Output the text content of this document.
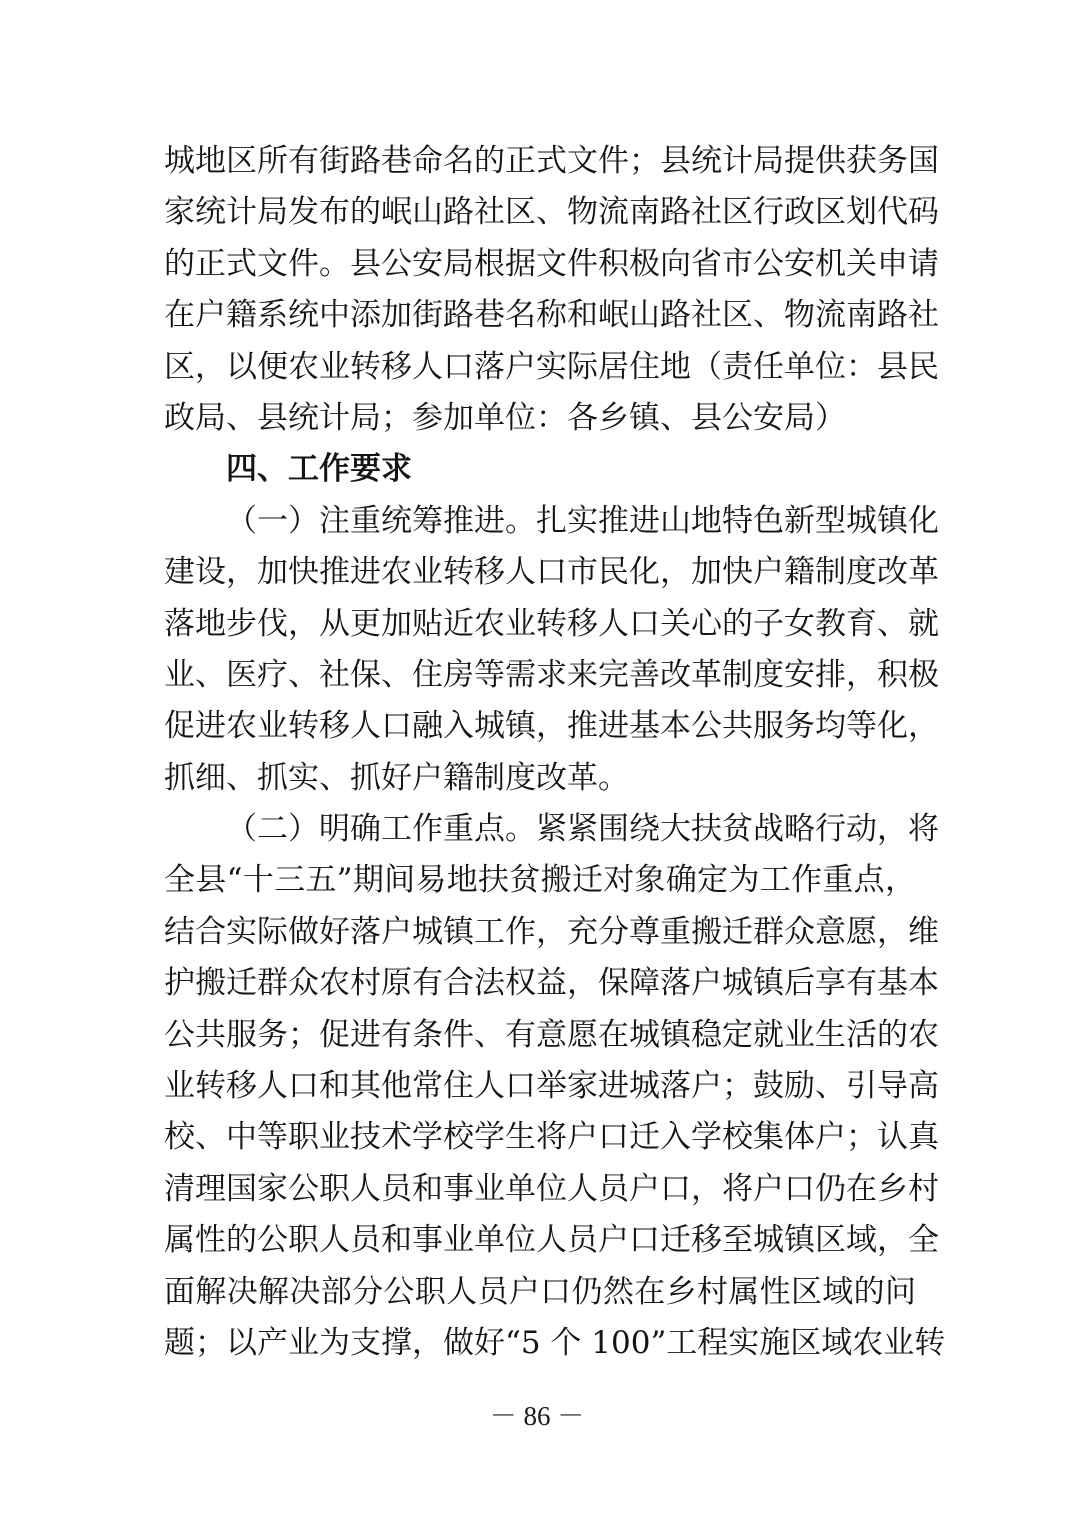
城地区所有街路巷命名的正式文件；县统计局提供获务国
家统计局发布的岷山路社区、物流南路社区行政区划代码
的正式文件。县公安局根据文件积极向省市公安机关申请
在户籍系统中添加街路巷名称和岷山路社区、物流南路社
区，以便农业转移人口落户实际居住地（责任单位：县民
政局、县统计局；参加单位：各乡镇、县公安局）
四、工作要求
（一）注重统筹推进。扎实推进山地特色新型城镇化
建设，加快推进农业转移人口市民化，加快户籍制度改革
落地步伐，从更加贴近农业转移人口关心的子女教育、就
业、医疗、社保、住房等需求来完善改革制度安排，积极
促进农业转移人口融入城镇，推进基本公共服务均等化，
抓细、抓实、抓好户籍制度改革。
（二）明确工作重点。紧紧围绕大扶贫战略行动，将
全县“十三五”期间易地扶贫搬迁对象确定为工作重点，
结合实际做好落户城镇工作，充分尊重搬迁群众意愿，维
护搬迁群众农村原有合法权益，保障落户城镇后享有基本
公共服务；促进有条件、有意愿在城镇稳定就业生活的农
业转移人口和其他常住人口举家进城落户；鼓励、引导高
校、中等职业技术学校学生将户口迁入学校集体户；认真
清理国家公职人员和事业单位人员户口，将户口仍在乡村
属性的公职人员和事业单位人员户口迁移至城镇区域，全
面解决解决部分公职人员户口仍然在乡村属性区域的问
题；以产业为支撑，做好“5 个 100”工程实施区域农业转
－ 86 －
